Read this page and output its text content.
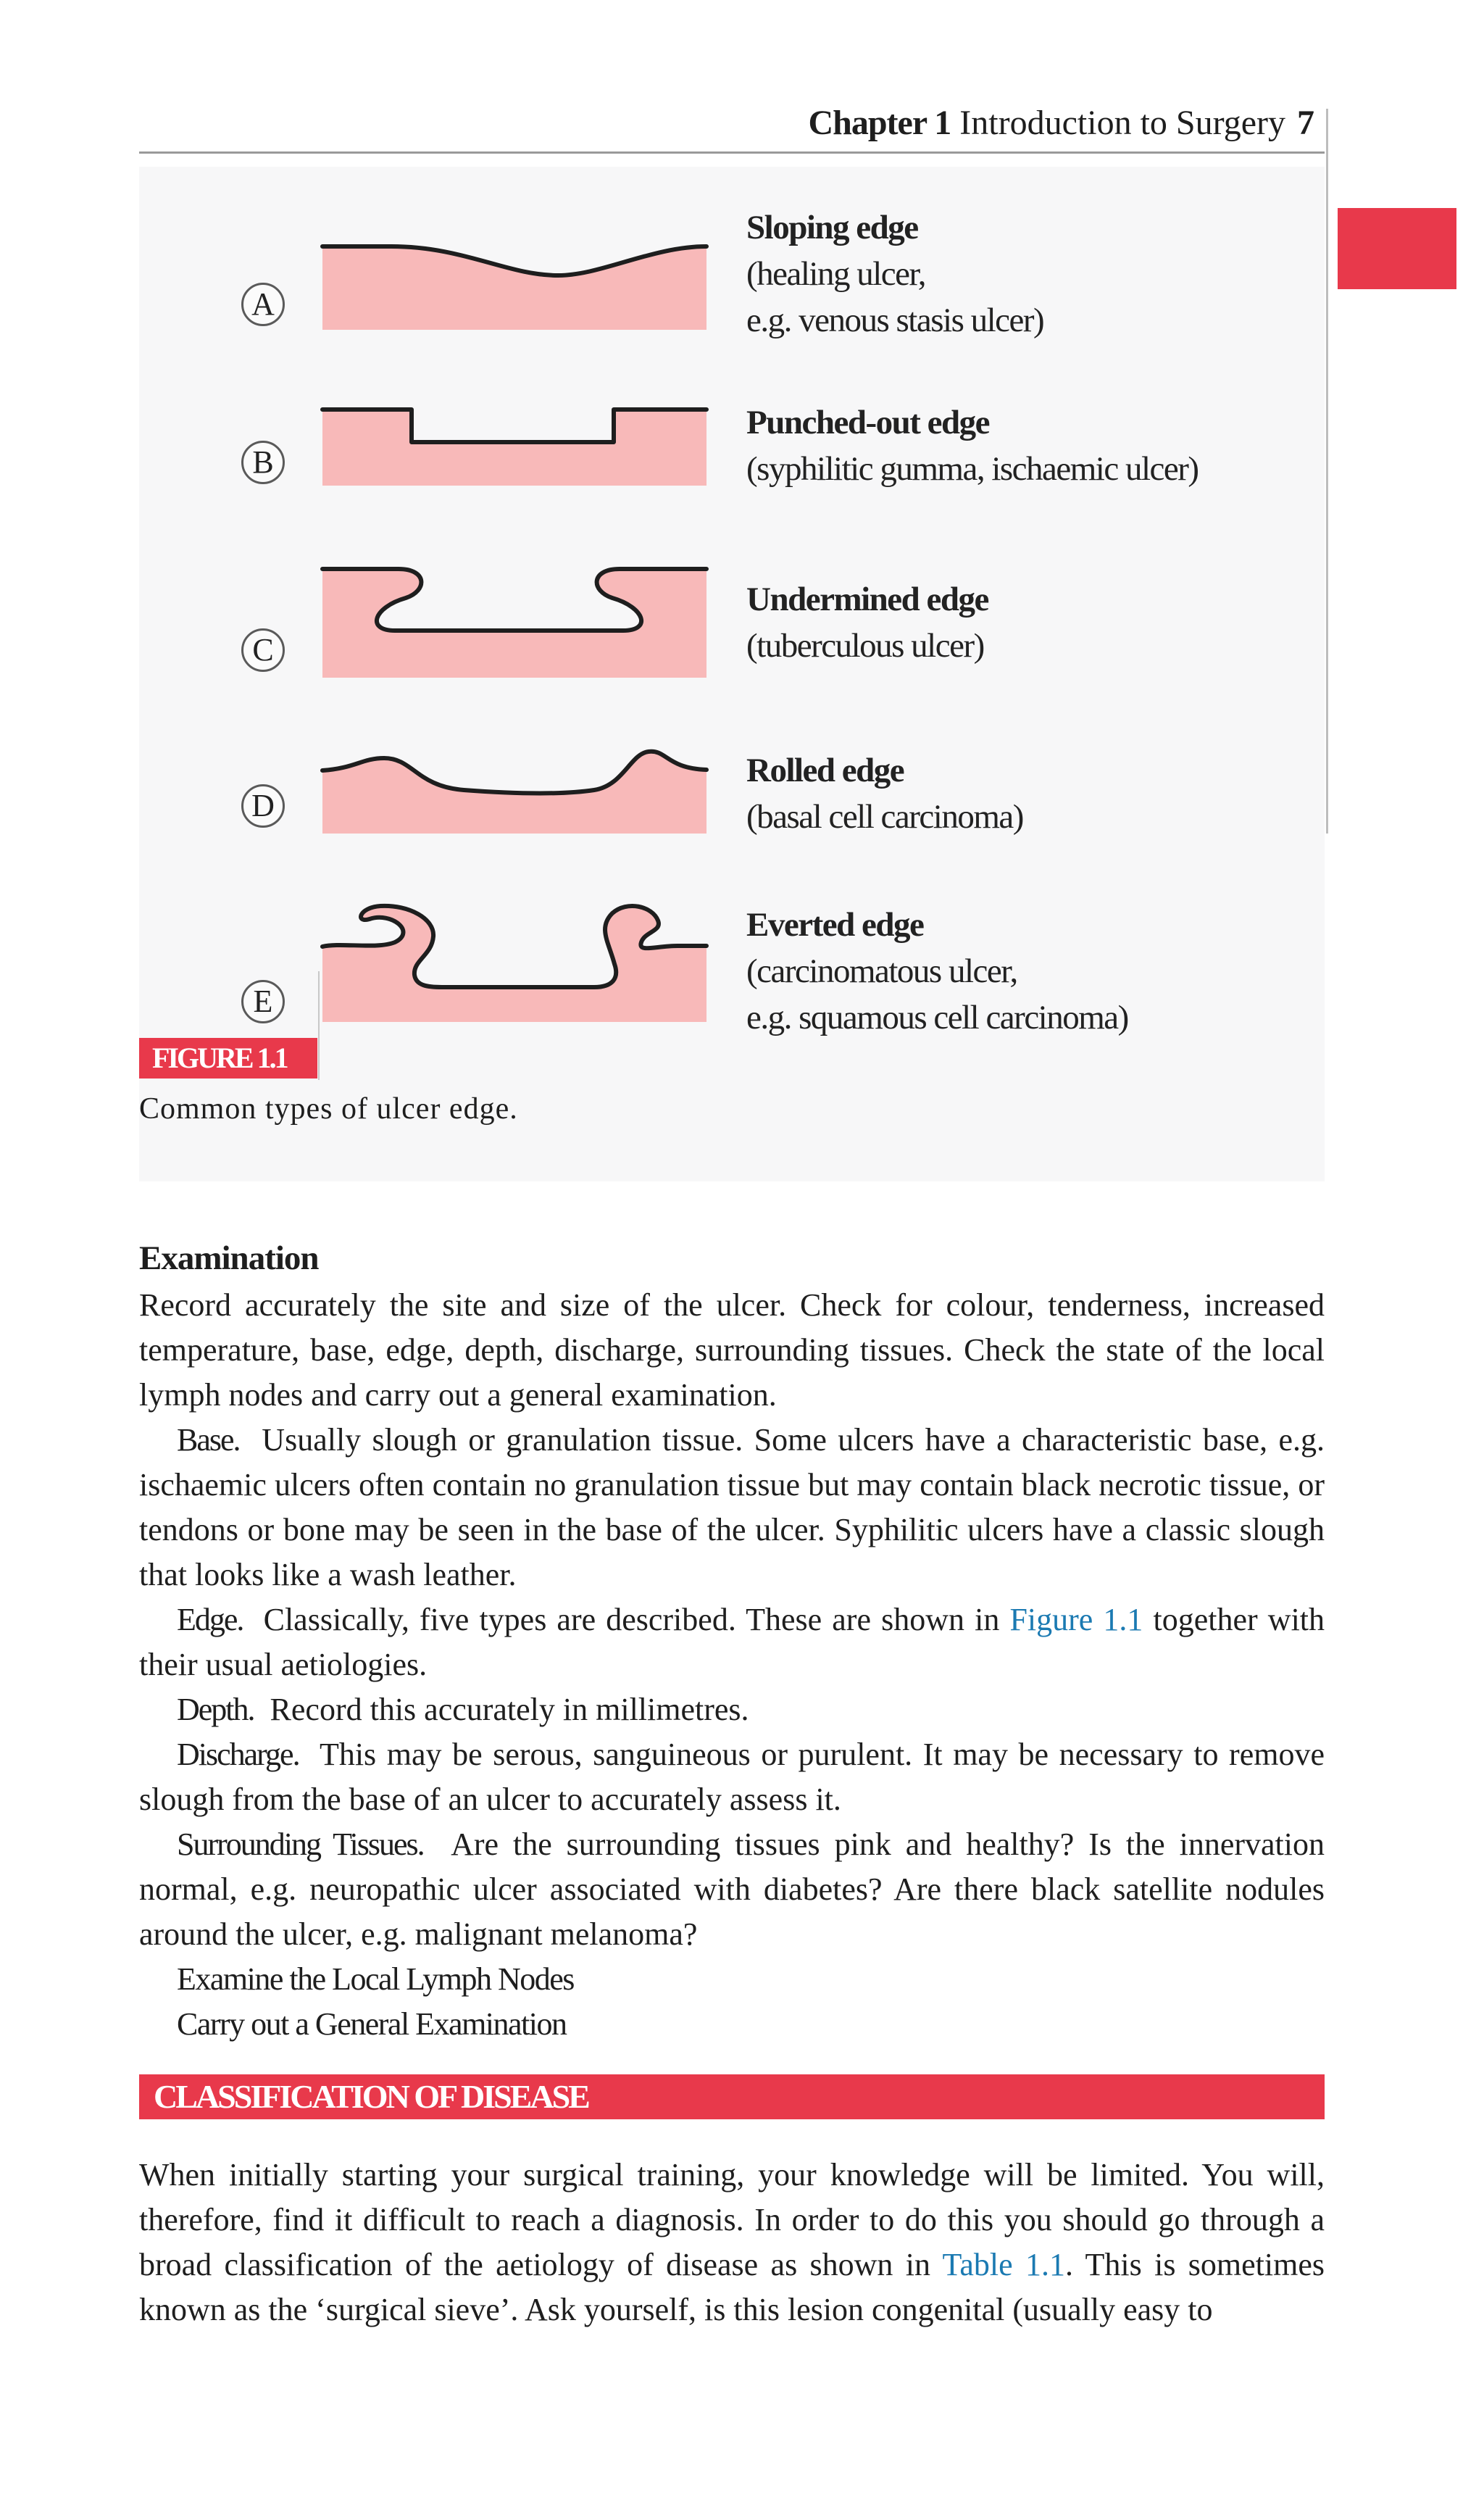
Chapter 1 Introduction to Surgery 7
A
B
C
D
E
Sloping edge
(healing ulcer,
e.g. venous stasis ulcer)
Punched-out edge
(syphilitic gumma, ischaemic ulcer)
Undermined edge
(tuberculous ulcer)
Rolled edge
(basal cell carcinoma)
Everted edge
(carcinomatous ulcer,
e.g. squamous cell carcinoma)
FIGURE 1.1
Common types of ulcer edge.
Examination

Record accurately the site and size of the ulcer. Check for colour, tenderness, increased temperature, base, edge, depth, discharge, surrounding tissues. Check the state of the local lymph nodes and carry out a general examination.

Base. Usually slough or granulation tissue. Some ulcers have a characteristic base, e.g. ischaemic ulcers often contain no granulation tissue but may contain black necrotic tissue, or tendons or bone may be seen in the base of the ulcer. Syphilitic ulcers have a classic slough that looks like a wash leather.

Edge. Classically, five types are described. These are shown in Figure 1.1 together with their usual aetiologies.

Depth. Record this accurately in millimetres.

Discharge. This may be serous, sanguineous or purulent. It may be necessary to remove slough from the base of an ulcer to accurately assess it.

Surrounding Tissues. Are the surrounding tissues pink and healthy? Is the innervation normal, e.g. neuropathic ulcer associated with diabetes? Are there black satellite nodules around the ulcer, e.g. malignant melanoma?

Examine the Local Lymph Nodes

Carry out a General Examination

CLASSIFICATION OF DISEASE

When initially starting your surgical training, your knowledge will be limited. You will, therefore, find it difficult to reach a diagnosis. In order to do this you should go through a broad classification of the aetiology of disease as shown in Table 1.1. This is sometimes known as the ‘surgical sieve’. Ask yourself, is this lesion congenital (usually easy to
